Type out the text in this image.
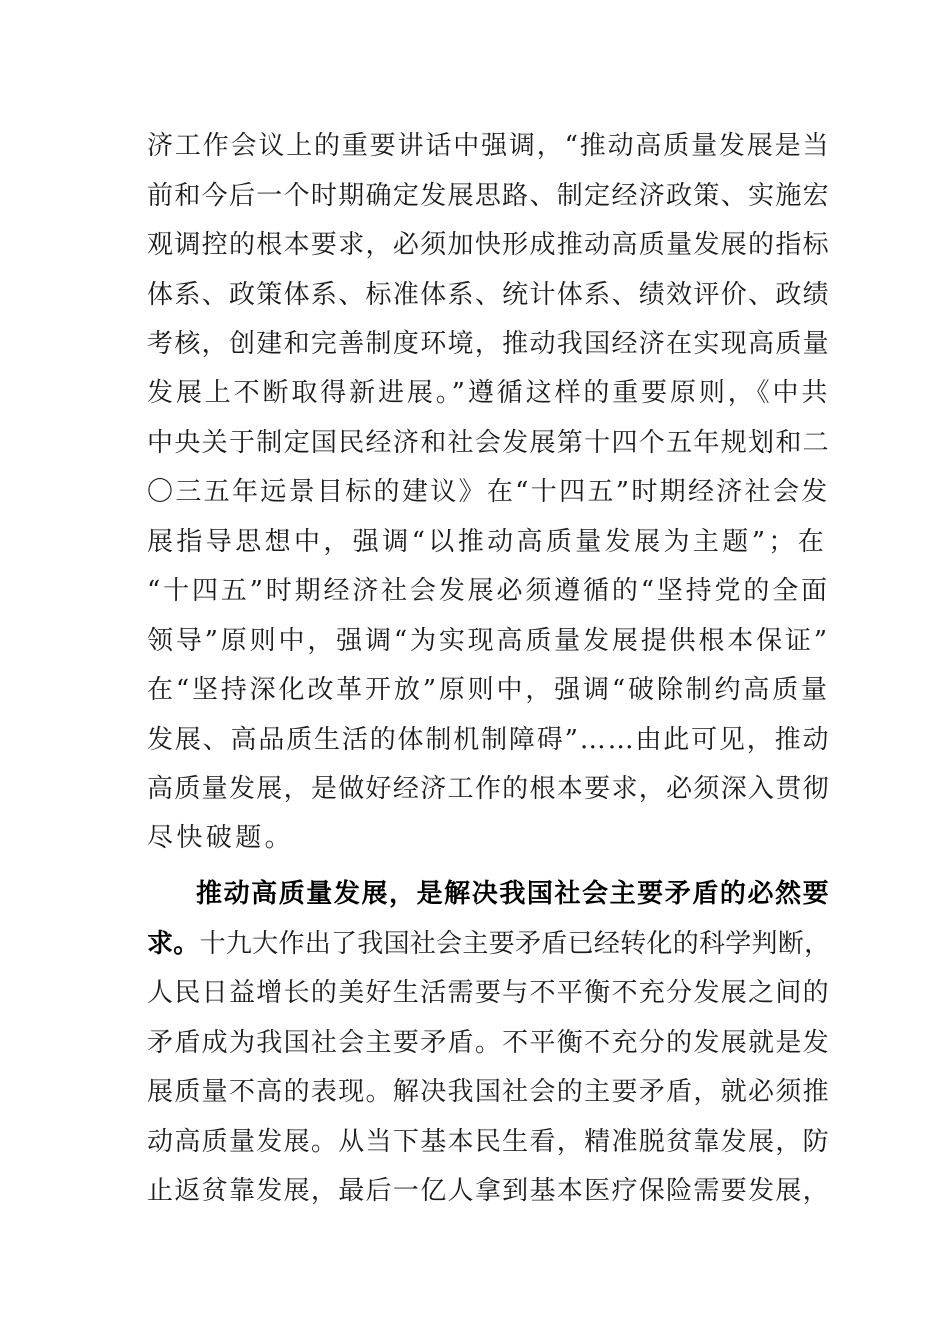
济工作会议上的重要讲话中强调，“推动高质量发展是当
前和今后一个时期确定发展思路、制定经济政策、实施宏
观调控的根本要求，必须加快形成推动高质量发展的指标
体系、政策体系、标准体系、统计体系、绩效评价、政绩
考核，创建和完善制度环境，推动我国经济在实现高质量
发展上不断取得新进展。”遵循这样的重要原则，《中共
中央关于制定国民经济和社会发展第十四个五年规划和二
〇三五年远景目标的建议》在“十四五”时期经济社会发
展指导思想中，强调“以推动高质量发展为主题”；在
“十四五”时期经济社会发展必须遵循的“坚持党的全面
领导”原则中，强调“为实现高质量发展提供根本保证”
在“坚持深化改革开放”原则中，强调“破除制约高质量
发展、高品质生活的体制机制障碍”……由此可见，推动
高质量发展，是做好经济工作的根本要求，必须深入贯彻
尽快破题。
推动高质量发展，是解决我国社会主要矛盾的必然要
求。十九大作出了我国社会主要矛盾已经转化的科学判断，
人民日益增长的美好生活需要与不平衡不充分发展之间的
矛盾成为我国社会主要矛盾。不平衡不充分的发展就是发
展质量不高的表现。解决我国社会的主要矛盾，就必须推
动高质量发展。从当下基本民生看，精准脱贫靠发展，防
止返贫靠发展，最后一亿人拿到基本医疗保险需要发展，
